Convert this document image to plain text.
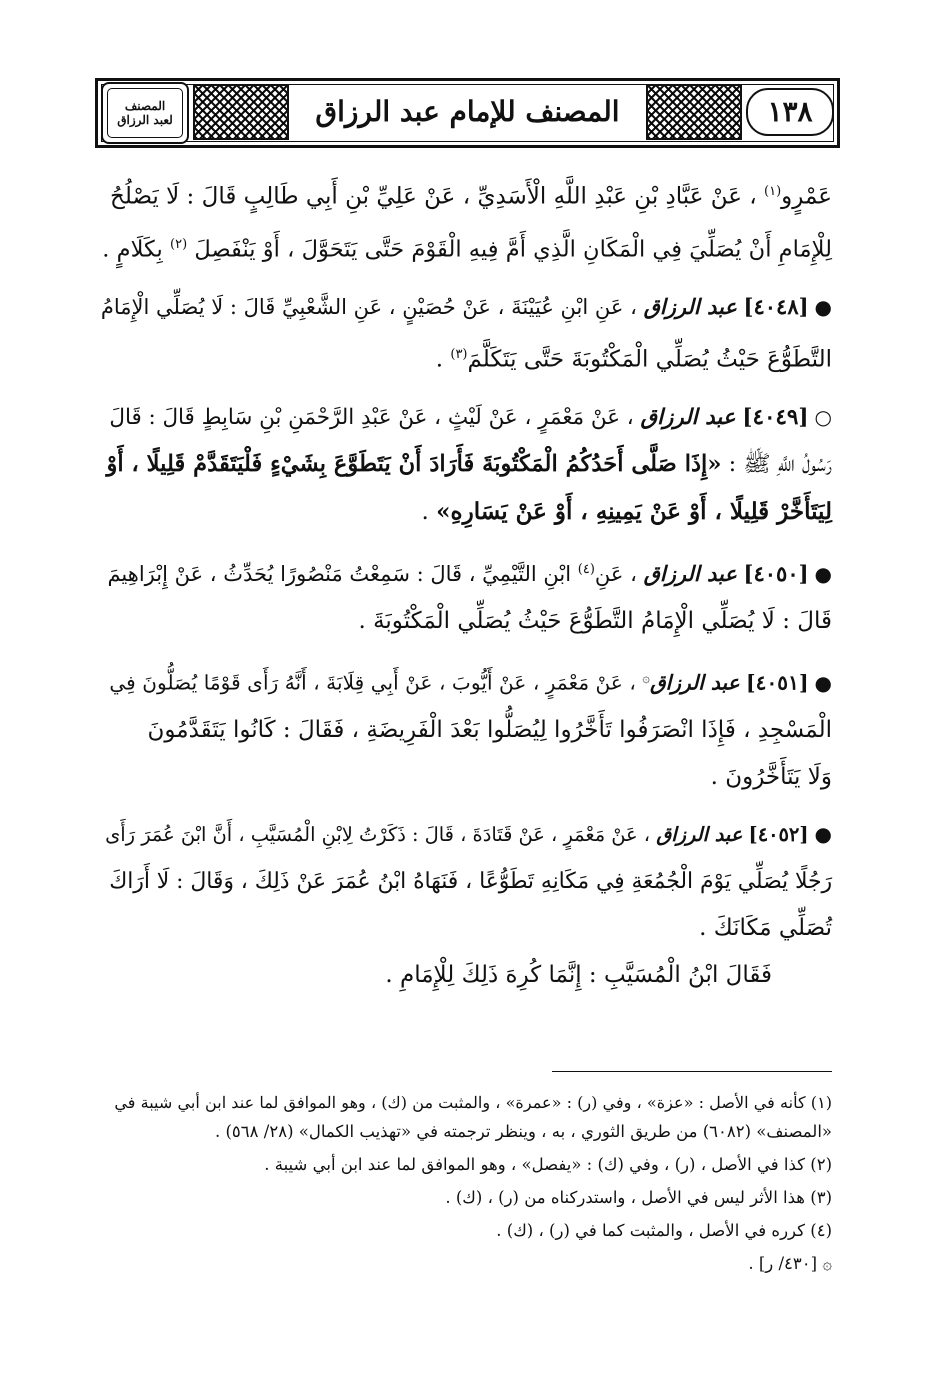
١٣٨
المصنف للإمام عبد الرزاق
المصنف
لعبد الرزاق

عَمْرٍو$^{(١)}$ ، عَنْ عَبَّادِ بْنِ عَبْدِ اللَّهِ الْأَسَدِيِّ ، عَنْ عَلِيِّ بْنِ أَبِي طَالِبٍ قَالَ : لَا يَصْلُحُ
لِلْإِمَامِ أَنْ يُصَلِّيَ فِي الْمَكَانِ الَّذِي أَمَّ فِيهِ الْقَوْمَ حَتَّى يَتَحَوَّلَ ، أَوْ يَنْفَصِلَ $^{(٢)}$ بِكَلَامٍ .

●[٤٠٤٨] عبد الرزاق ، عَنِ ابْنِ عُيَيْنَةَ ، عَنْ حُصَيْنٍ ، عَنِ الشَّعْبِيِّ قَالَ : لَا يُصَلِّي الْإِمَامُ
التَّطَوُّعَ حَيْثُ يُصَلِّي الْمَكْتُوبَةَ حَتَّى يَتَكَلَّمَ$^{(٣)}$ .

○[٤٠٤٩] عبد الرزاق ، عَنْ مَعْمَرٍ ، عَنْ لَيْثٍ ، عَنْ عَبْدِ الرَّحْمَنِ بْنِ سَابِطٍ قَالَ : قَالَ
رَسُولُ اللَّهِ ﷺ : «إِذَا صَلَّى أَحَدُكُمُ الْمَكْتُوبَةَ فَأَرَادَ أَنْ يَتَطَوَّعَ بِشَيْءٍ فَلْيَتَقَدَّمْ قَلِيلًا ، أَوْ
لِيَتَأَخَّرْ قَلِيلًا ، أَوْ عَنْ يَمِينِهِ ، أَوْ عَنْ يَسَارِهِ» .

●[٤٠٥٠] عبد الرزاق ، عَنِ$^{(٤)}$ ابْنِ التَّيْمِيِّ ، قَالَ : سَمِعْتُ مَنْصُورًا يُحَدِّثُ ، عَنْ إِبْرَاهِيمَ
قَالَ : لَا يُصَلِّي الْإِمَامُ التَّطَوُّعَ حَيْثُ يُصَلِّي الْمَكْتُوبَةَ .

●[٤٠٥١] عبد الرزاق۞ ، عَنْ مَعْمَرٍ ، عَنْ أَيُّوبَ ، عَنْ أَبِي قِلَابَةَ ، أَنَّهُ رَأَى قَوْمًا يُصَلُّونَ فِي
الْمَسْجِدِ ، فَإِذَا انْصَرَفُوا تَأَخَّرُوا لِيُصَلُّوا بَعْدَ الْفَرِيضَةِ ، فَقَالَ : كَانُوا يَتَقَدَّمُونَ
وَلَا يَتَأَخَّرُونَ .

●[٤٠٥٢] عبد الرزاق ، عَنْ مَعْمَرٍ ، عَنْ قَتَادَةَ ، قَالَ : ذَكَرْتُ لِابْنِ الْمُسَيَّبِ ، أَنَّ ابْنَ عُمَرَ رَأَى
رَجُلًا يُصَلِّي يَوْمَ الْجُمُعَةِ فِي مَكَانِهِ تَطَوُّعًا ، فَنَهَاهُ ابْنُ عُمَرَ عَنْ ذَلِكَ ، وَقَالَ : لَا أَرَاكَ
تُصَلِّي مَكَانَكَ .
فَقَالَ ابْنُ الْمُسَيَّبِ : إِنَّمَا كُرِهَ ذَلِكَ لِلْإِمَامِ .

(١) كأنه في الأصل : «عزة» ، وفي (ر) : «عمرة» ، والمثبت من (ك) ، وهو الموافق لما عند ابن أبي شيبة في
«المصنف» (٦٠٨٢) من طريق الثوري ، به ، وينظر ترجمته في «تهذيب الكمال» (٢٨/ ٥٦٨) .

(٢) كذا في الأصل ، (ر) ، وفي (ك) : «يفصل» ، وهو الموافق لما عند ابن أبي شيبة .

(٣) هذا الأثر ليس في الأصل ، واستدركناه من (ر) ، (ك) .

(٤) كرره في الأصل ، والمثبت كما في (ر) ، (ك) .

۞ [٤٣٠/ ر] .
